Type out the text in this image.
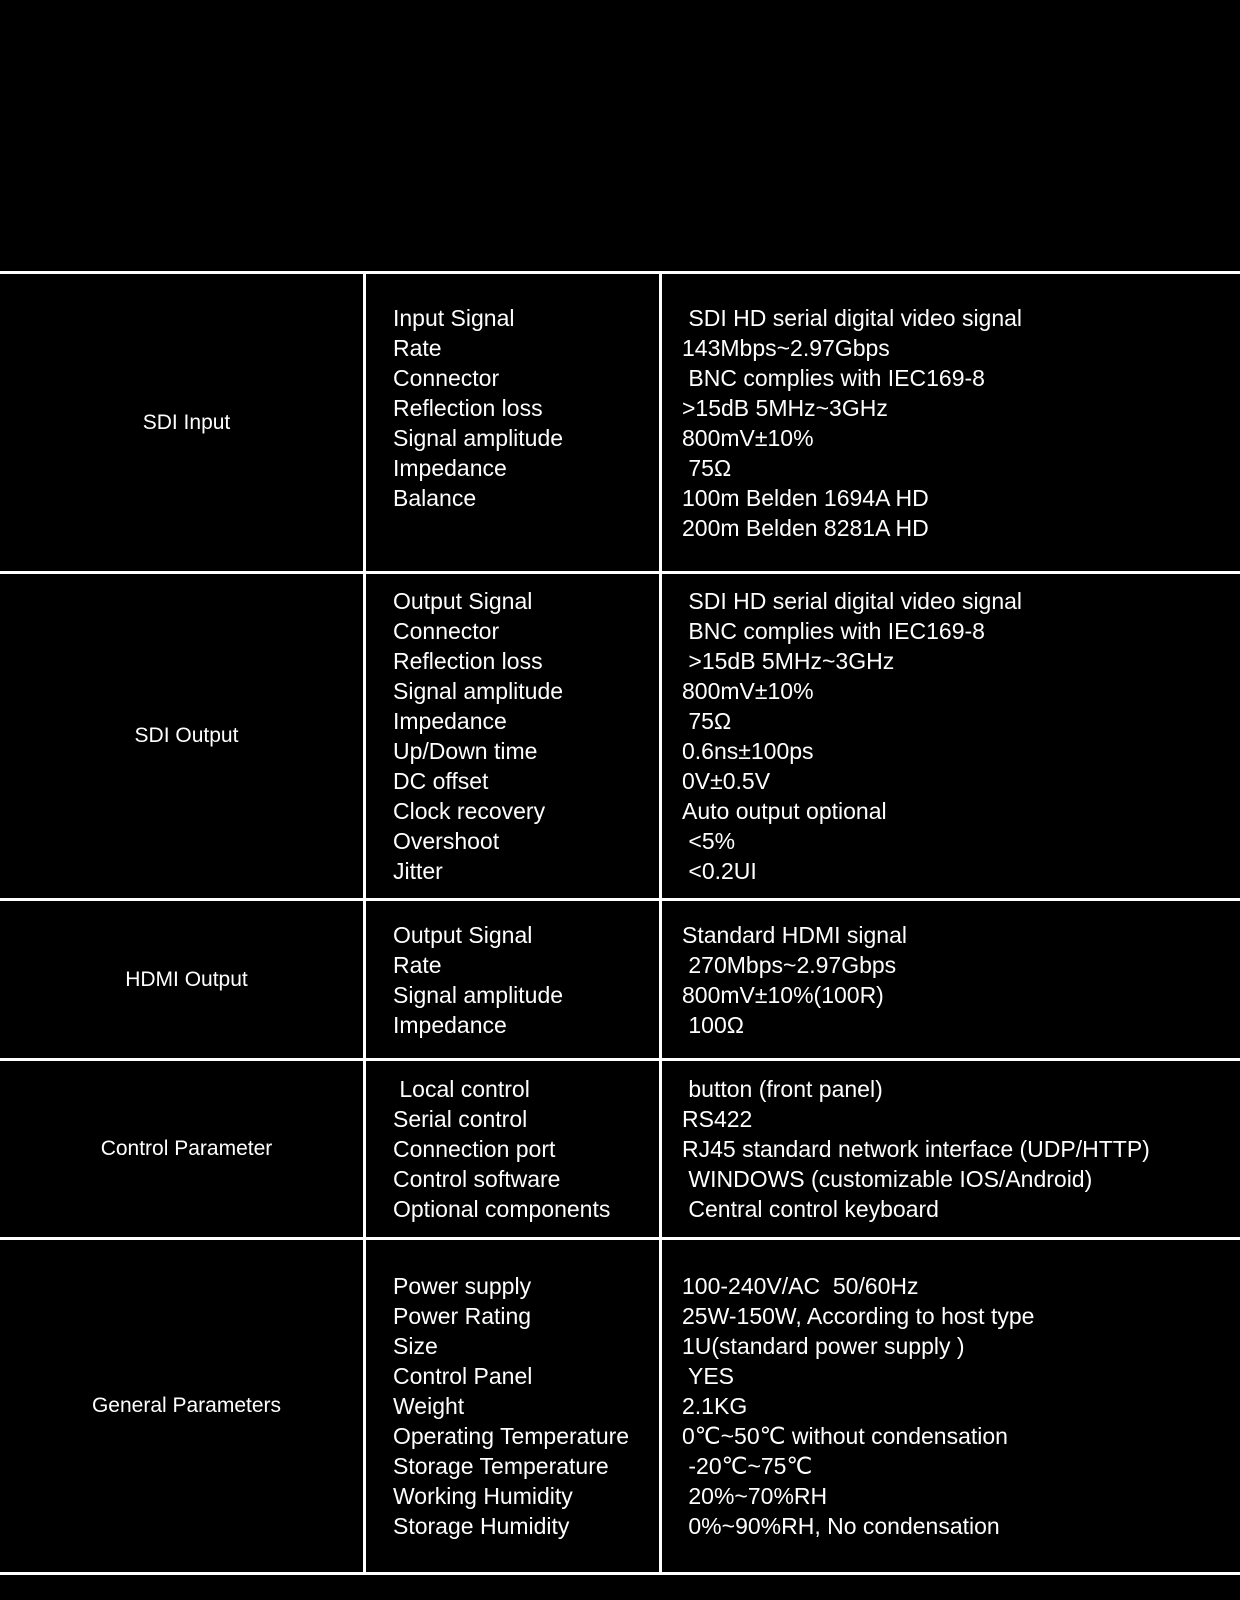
SDI Input
Input Signal
Rate
Connector
Reflection loss
Signal amplitude
Impedance
Balance
SDI HD serial digital video signal
143Mbps~2.97Gbps
BNC complies with IEC169-8
>15dB 5MHz~3GHz
800mV±10%
75Ω
100m Belden 1694A HD
200m Belden 8281A HD
SDI Output
Output Signal
Connector
Reflection loss
Signal amplitude
Impedance
Up/Down time
DC offset
Clock recovery
Overshoot
Jitter
SDI HD serial digital video signal
BNC complies with IEC169-8
>15dB 5MHz~3GHz
800mV±10%
75Ω
0.6ns±100ps
0V±0.5V
Auto output optional
<5%
<0.2UI
HDMI Output
Output Signal
Rate
Signal amplitude
Impedance
Standard HDMI signal
270Mbps~2.97Gbps
800mV±10%(100R)
100Ω
Control Parameter
Local control
Serial control
Connection port
Control software
Optional components
button (front panel)
RS422
RJ45 standard network interface (UDP/HTTP)
WINDOWS (customizable IOS/Android)
Central control keyboard
General Parameters
Power supply
Power Rating
Size
Control Panel
Weight
Operating Temperature
Storage Temperature
Working Humidity
Storage Humidity
100-240V/AC  50/60Hz
25W-150W, According to host type
1U(standard power supply )
YES
2.1KG
0℃~50℃ without condensation
-20℃~75℃
20%~70%RH
0%~90%RH, No condensation
